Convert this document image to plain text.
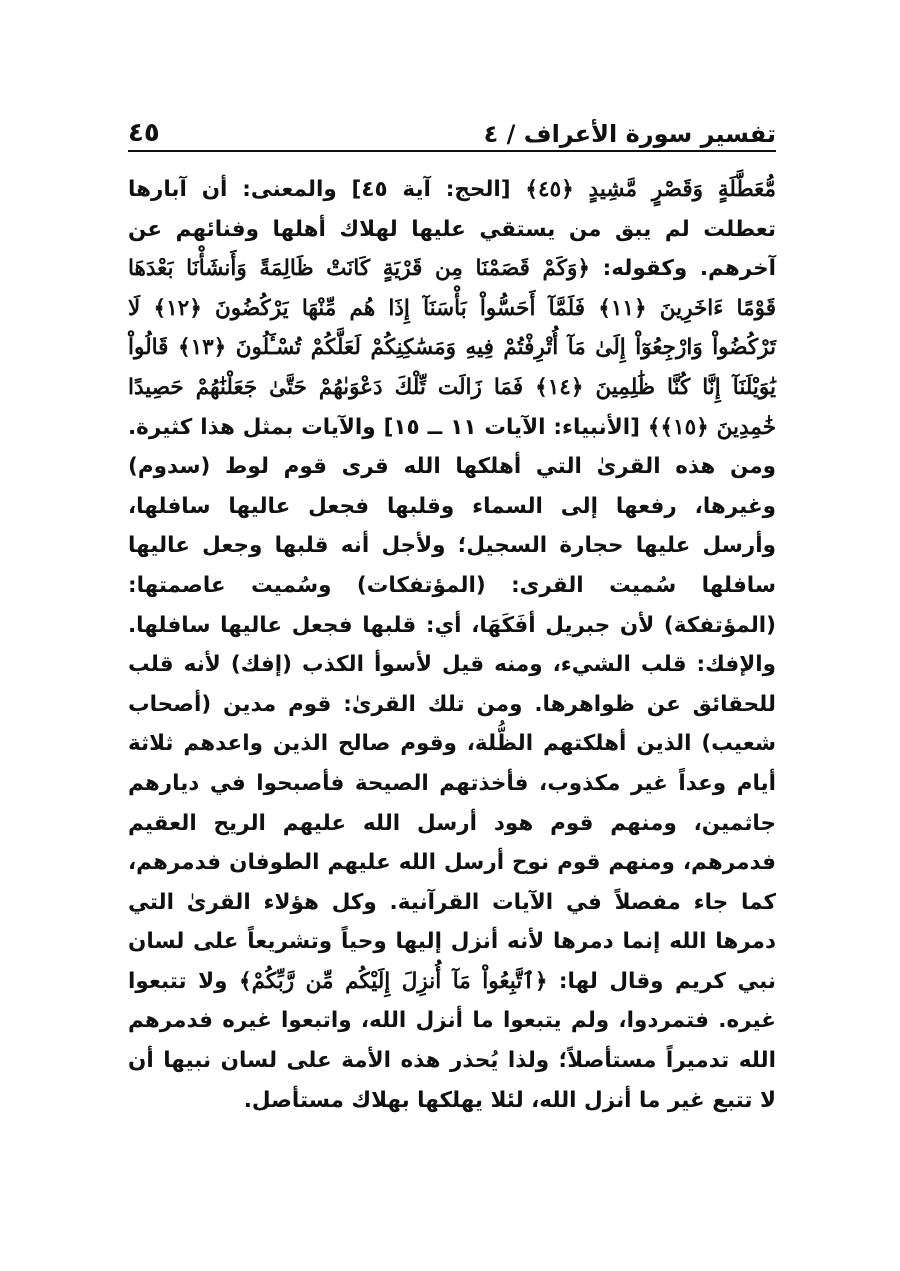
تفسير سورة الأعراف / ٤
٤٥
مُّعَطَّلَةٍ وَقَصْرٍ مَّشِيدٍ ﴿٤٥﴾ [الحج: آية ٤٥] والمعنى: أن آبارها تعطلت لم يبق من يستقي عليها لهلاك أهلها وفنائهم عن آخرهم. وكقوله: ﴿وَكَمْ قَصَمْنَا مِن قَرْيَةٍ كَانَتْ ظَالِمَةً وَأَنشَأْنَا بَعْدَهَا قَوْمًا ءَاخَرِينَ ﴿١١﴾ فَلَمَّآ أَحَسُّواْ بَأْسَنَآ إِذَا هُم مِّنْهَا يَرْكُضُونَ ﴿١٢﴾ لَا تَرْكُضُواْ وَارْجِعُوٓاْ إِلَىٰ مَآ أُتْرِفْتُمْ فِيهِ وَمَسَٰكِنِكُمْ لَعَلَّكُمْ تُسْـَٔلُونَ ﴿١٣﴾ قَالُواْ يَٰوَيْلَنَآ إِنَّا كُنَّا ظَٰلِمِينَ ﴿١٤﴾ فَمَا زَالَت تِّلْكَ دَعْوَىٰهُمْ حَتَّىٰ جَعَلْنَٰهُمْ حَصِيدًا خَٰمِدِينَ ﴿١٥﴾﴾ [الأنبياء: الآيات ١١ ــ ١٥] والآيات بمثل هذا كثيرة. ومن هذه القرىٰ التي أهلكها الله قرى قوم لوط (سدوم) وغيرها، رفعها إلى السماء وقلبها فجعل عاليها سافلها، وأرسل عليها حجارة السجيل؛ ولأجل أنه قلبها وجعل عاليها سافلها سُميت القرى: (المؤتفكات) وسُميت عاصمتها: (المؤتفكة) لأن جبريل أفَكَهَا، أي: قلبها فجعل عاليها سافلها. والإفك: قلب الشيء، ومنه قيل لأسوأ الكذب (إفك) لأنه قلب للحقائق عن ظواهرها. ومن تلك القرىٰ: قوم مدين (أصحاب شعيب) الذين أهلكتهم الظُّلة، وقوم صالح الذين واعدهم ثلاثة أيام وعداً غير مكذوب، فأخذتهم الصيحة فأصبحوا في ديارهم جاثمين، ومنهم قوم هود أرسل الله عليهم الريح العقيم فدمرهم، ومنهم قوم نوح أرسل الله عليهم الطوفان فدمرهم، كما جاء مفصلاً في الآيات القرآنية. وكل هؤلاء القرىٰ التي دمرها الله إنما دمرها لأنه أنزل إليها وحياً وتشريعاً على لسان نبي كريم وقال لها: ﴿ٱتَّبِعُواْ مَآ أُنزِلَ إِلَيْكُم مِّن رَّبِّكُمْ﴾ ولا تتبعوا غيره. فتمردوا، ولم يتبعوا ما أنزل الله، واتبعوا غيره فدمرهم الله تدميراً مستأصلاً؛ ولذا يُحذر هذه الأمة على لسان نبيها أن لا تتبع غير ما أنزل الله، لئلا يهلكها بهلاك مستأصل.
